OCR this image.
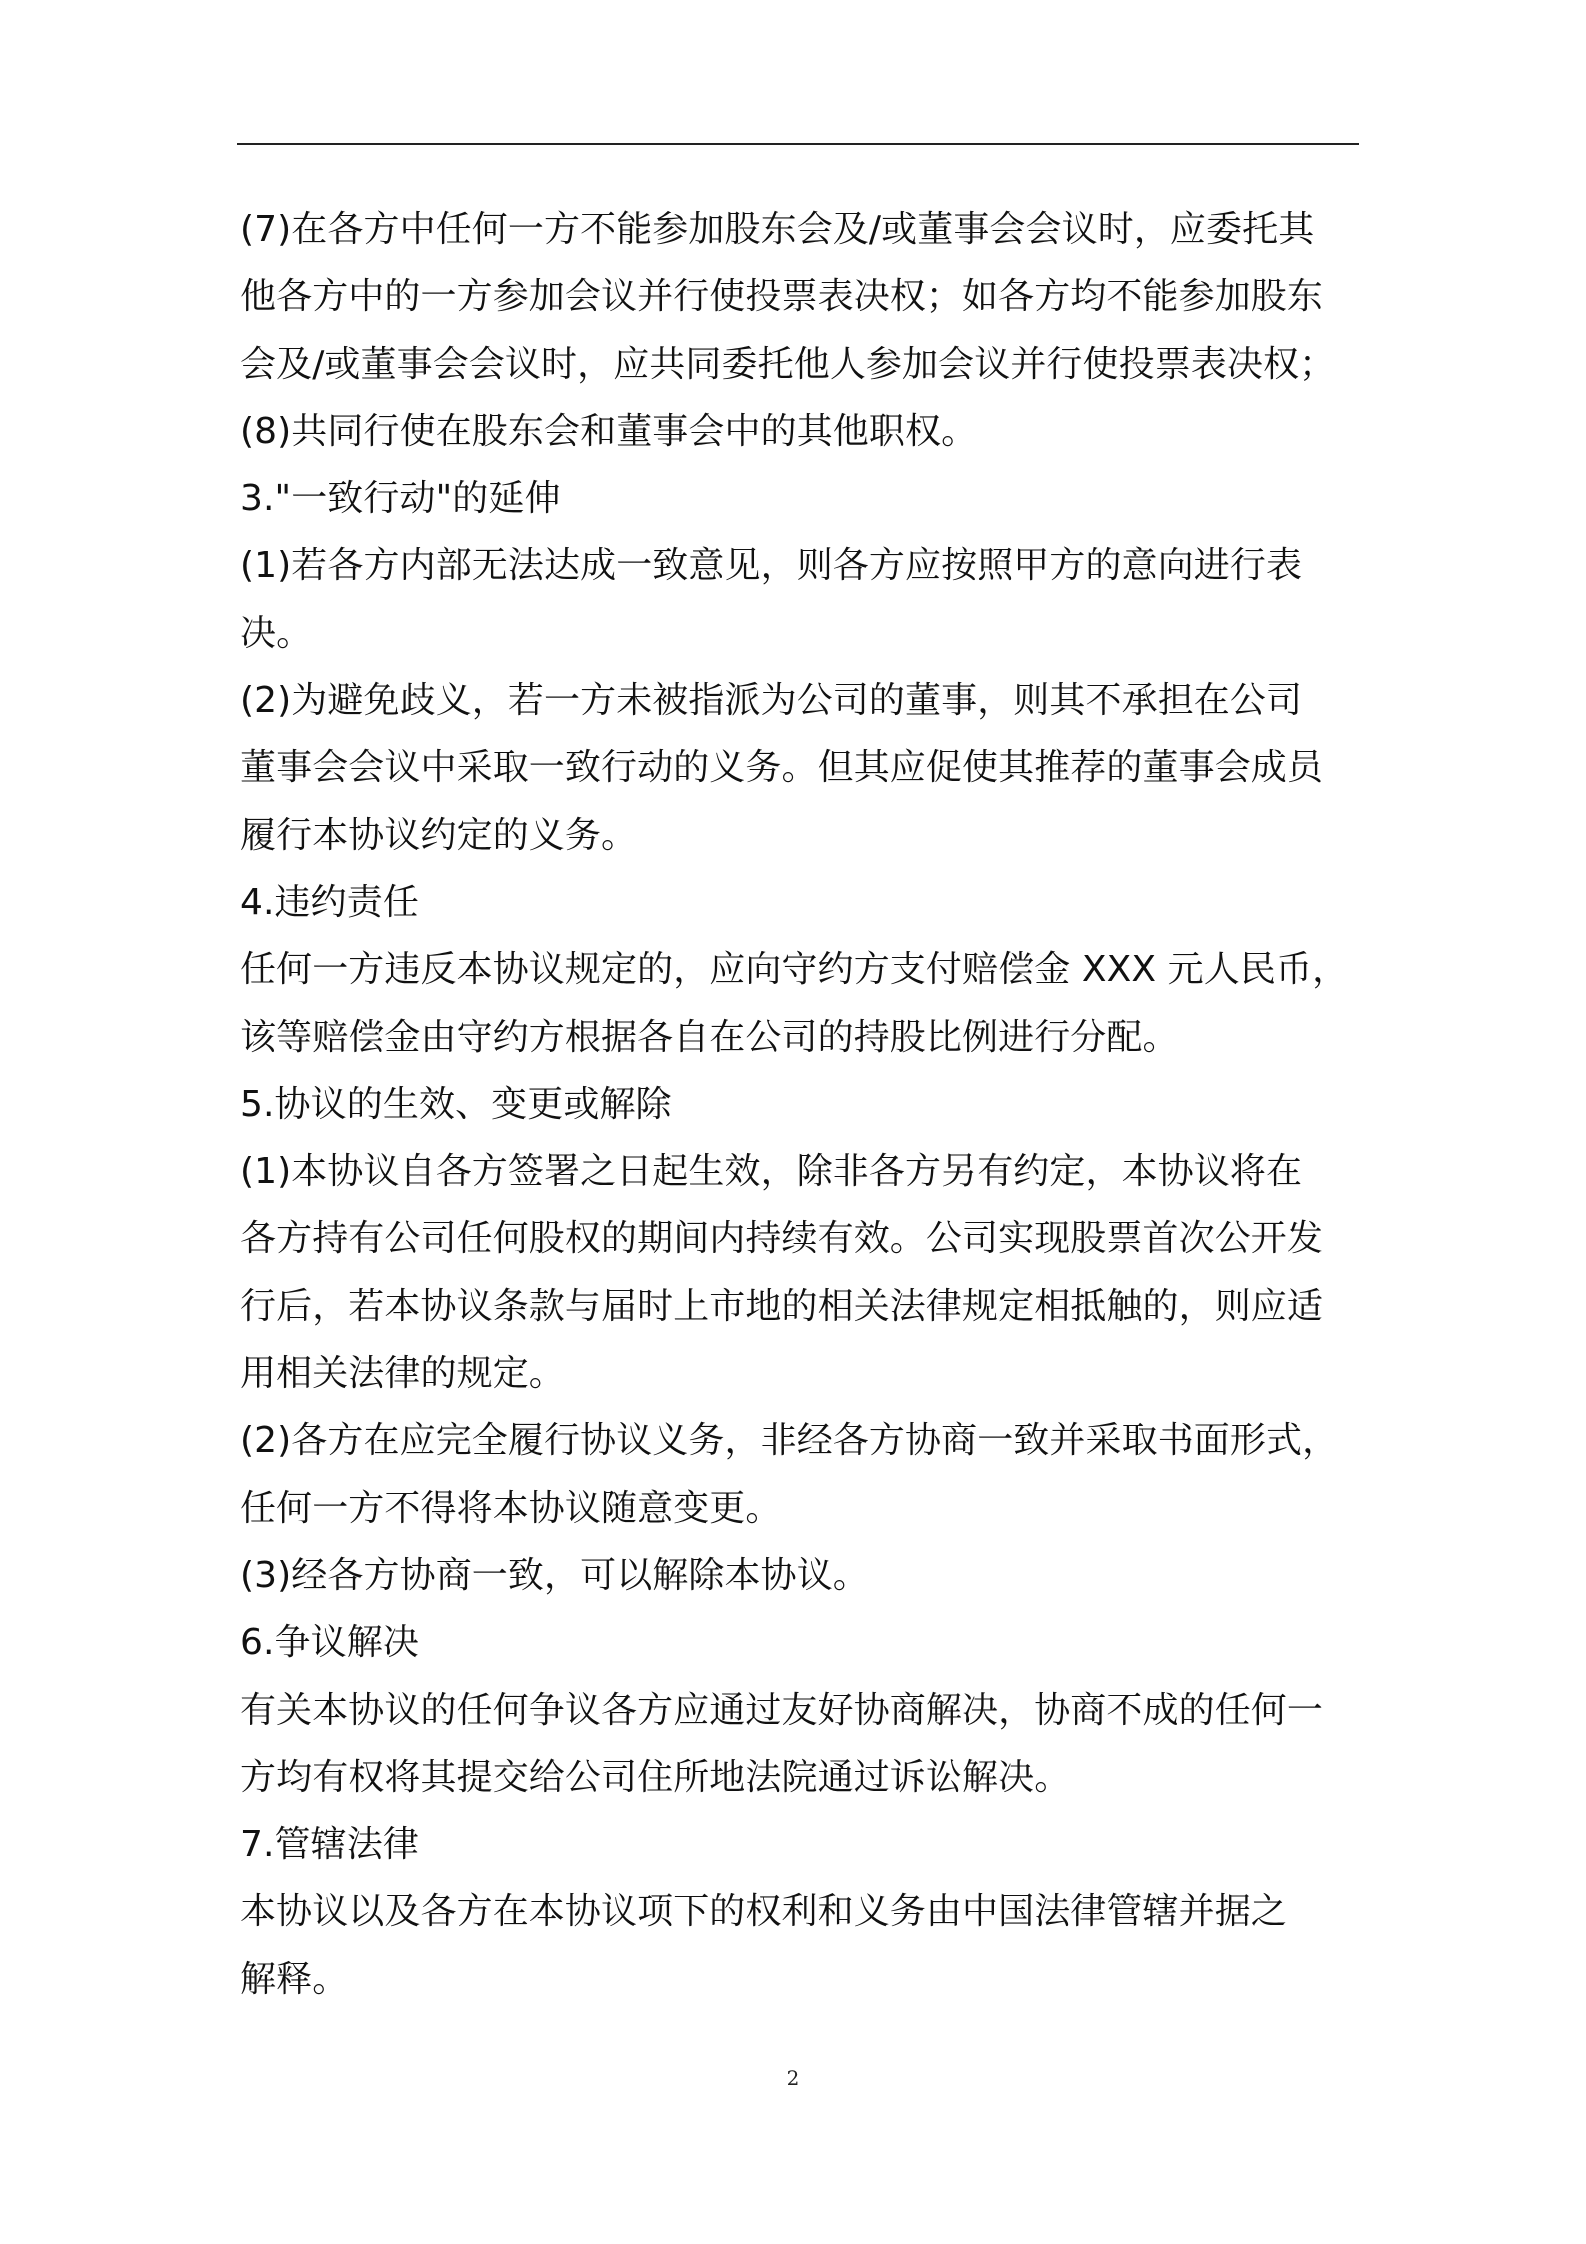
(7)在各方中任何一方不能参加股东会及/或董事会会议时，应委托其
他各方中的一方参加会议并行使投票表决权；如各方均不能参加股东
会及/或董事会会议时，应共同委托他人参加会议并行使投票表决权；
(8)共同行使在股东会和董事会中的其他职权。
3."一致行动"的延伸
(1)若各方内部无法达成一致意见，则各方应按照甲方的意向进行表
决。
(2)为避免歧义，若一方未被指派为公司的董事，则其不承担在公司
董事会会议中采取一致行动的义务。但其应促使其推荐的董事会成员
履行本协议约定的义务。
4.违约责任
任何一方违反本协议规定的，应向守约方支付赔偿金 XXX 元人民币，
该等赔偿金由守约方根据各自在公司的持股比例进行分配。
5.协议的生效、变更或解除
(1)本协议自各方签署之日起生效，除非各方另有约定，本协议将在
各方持有公司任何股权的期间内持续有效。公司实现股票首次公开发
行后，若本协议条款与届时上市地的相关法律规定相抵触的，则应适
用相关法律的规定。
(2)各方在应完全履行协议义务，非经各方协商一致并采取书面形式，
任何一方不得将本协议随意变更。
(3)经各方协商一致，可以解除本协议。
6.争议解决
有关本协议的任何争议各方应通过友好协商解决，协商不成的任何一
方均有权将其提交给公司住所地法院通过诉讼解决。
7.管辖法律
本协议以及各方在本协议项下的权利和义务由中国法律管辖并据之
解释。
2
